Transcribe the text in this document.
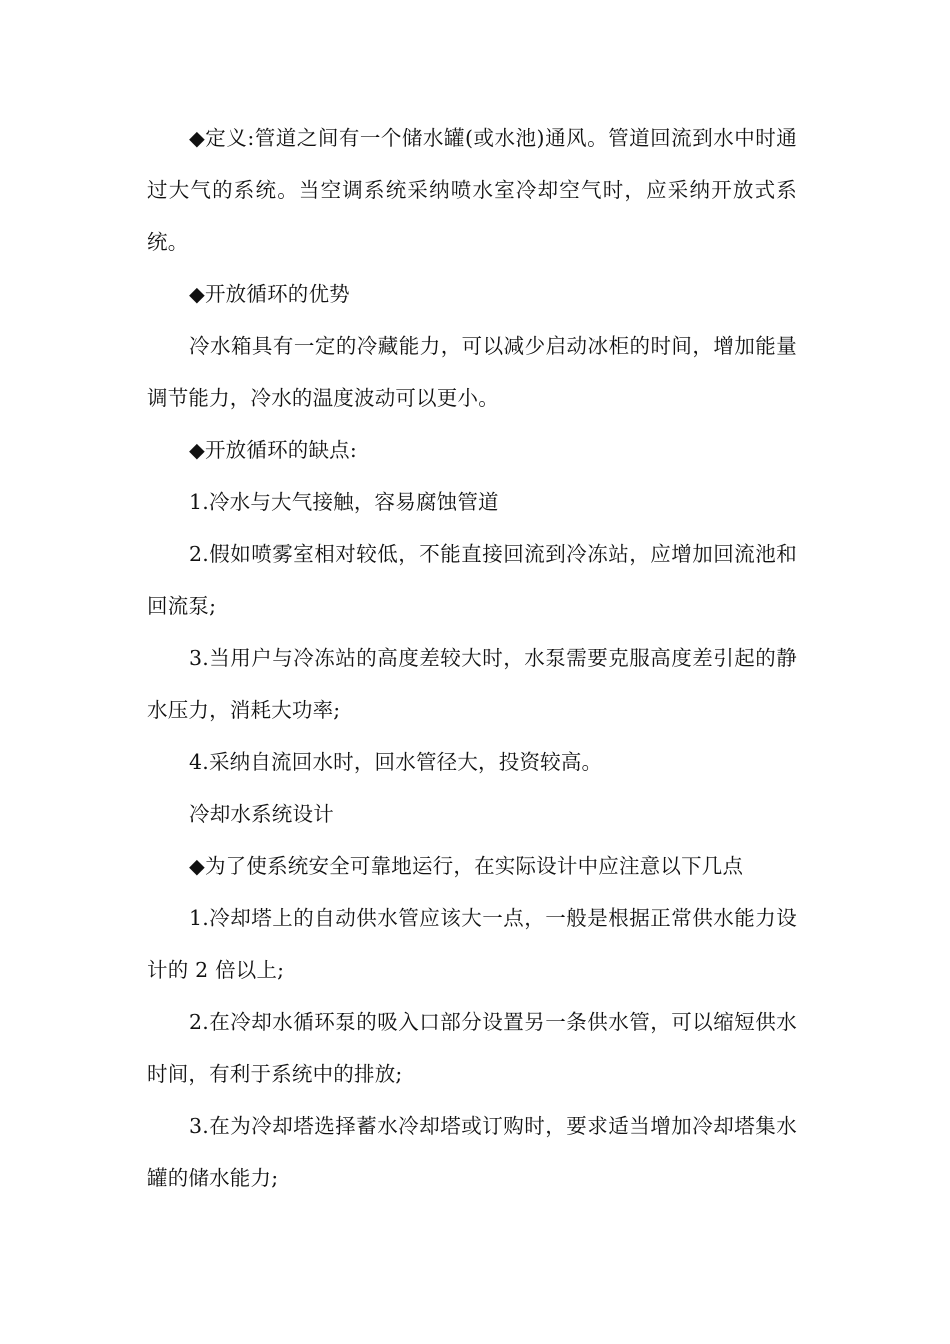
◆定义:管道之间有一个储水罐(或水池)通风。管道回流到水中时通过大气的系统。当空调系统采纳喷水室冷却空气时，应采纳开放式系统。

◆开放循环的优势

冷水箱具有一定的冷藏能力，可以减少启动冰柜的时间，增加能量调节能力，冷水的温度波动可以更小。

◆开放循环的缺点:

1.冷水与大气接触，容易腐蚀管道

2.假如喷雾室相对较低，不能直接回流到冷冻站，应增加回流池和回流泵;

3.当用户与冷冻站的高度差较大时，水泵需要克服高度差引起的静水压力，消耗大功率;

4.采纳自流回水时，回水管径大，投资较高。

冷却水系统设计

◆为了使系统安全可靠地运行，在实际设计中应注意以下几点

1.冷却塔上的自动供水管应该大一点，一般是根据正常供水能力设计的 2 倍以上;

2.在冷却水循环泵的吸入口部分设置另一条供水管，可以缩短供水时间，有利于系统中的排放;

3.在为冷却塔选择蓄水冷却塔或订购时，要求适当增加冷却塔集水罐的储水能力;
